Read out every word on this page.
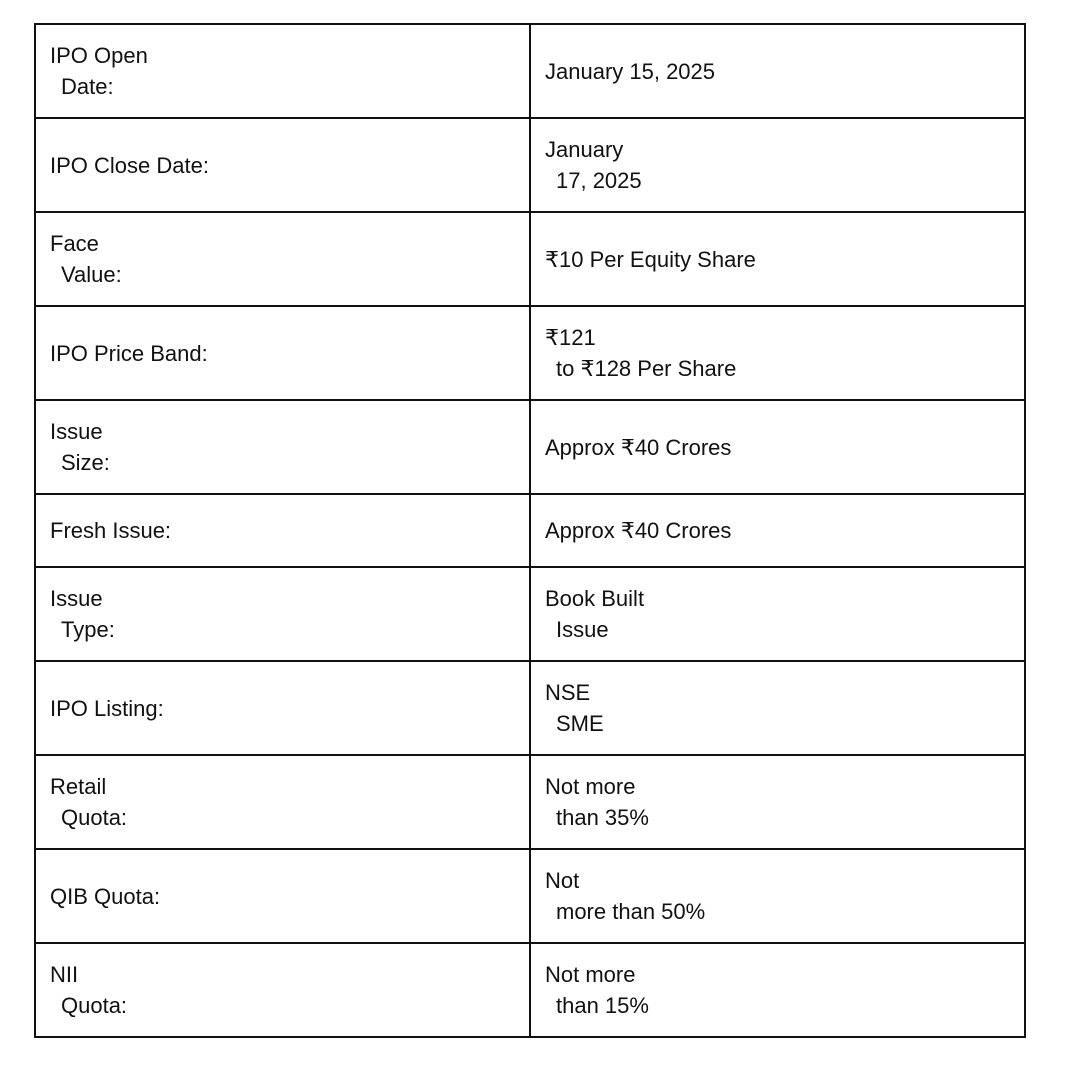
IPO Open
Date:	January 15, 2025

IPO Close Date:	January
17, 2025

Face
Value:	₹10 Per Equity Share

IPO Price Band:	₹121
to ₹128 Per Share

Issue
Size:	Approx ₹40 Crores

Fresh Issue:	Approx ₹40 Crores

Issue
Type:	Book Built
Issue

IPO Listing:	NSE
SME

Retail
Quota:	Not more
than 35%

QIB Quota:	Not
more than 50%

NII
Quota:	Not more
than 15%
